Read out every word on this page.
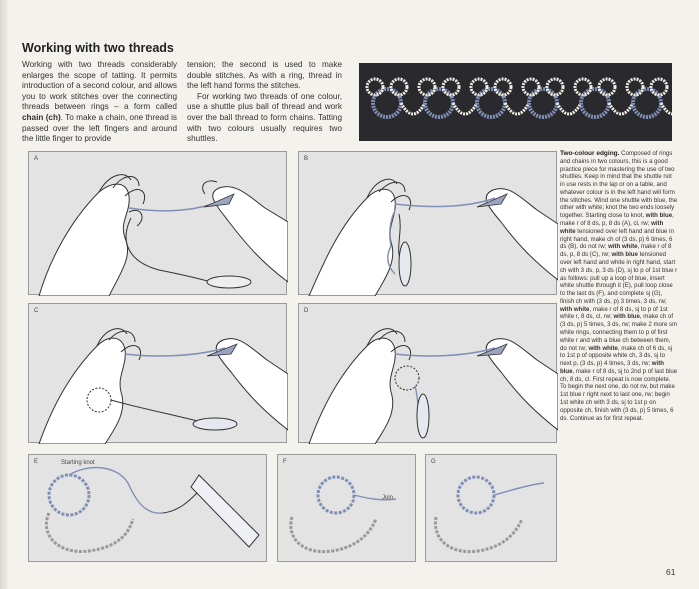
Working with two threads
Working with two threads considerably enlarges the scope of tatting. It permits introduction of a second colour, and allows you to work stitches over the connecting threads between rings – a form called chain (ch). To make a chain, one thread is passed over the left fingers and around the little finger to provide
tension; the second is used to make double stitches. As with a ring, thread in the left hand forms the stitches.
For working two threads of one colour, use a shuttle plus ball of thread and work over the ball thread to form chains. Tatting with two colours usually requires two shuttles.
A	B
C	D
E	Starting knot	F
Join
G
Two-colour edging. Composed of rings and chains in two colours, this is a good practice piece for mastering the use of two shuttles. Keep in mind that the shuttle not in use rests in the lap or on a table, and whatever colour is in the left hand will form the stitches. Wind one shuttle with blue, the other with white; knot the two ends loosely together. Starting close to knot, with blue, make r of 8 ds, p, 8 ds (A), cl, rw; with white tensioned over left hand and blue in right hand, make ch of (3 ds, p) 6 times, 6 ds (B), do not rw; with white, make r of 8 ds, p, 8 ds (C), rw; with blue tensioned over left hand and white in right hand, start ch with 3 ds, p, 3 ds (D), sj to p of 1st blue r as follows: pull up a loop of blue, insert white shuttle through it (E), pull loop close to the last ds (F), and complete sj (G), finish ch with (3 ds, p) 3 times, 3 ds, rw; with white, make r of 8 ds, sj to p of 1st white r, 8 ds, cl, rw; with blue, make ch of (3 ds, p) 5 times, 3 ds, rw; make 2 more sm white rings, connecting them to p of first white r and with a blue ch between them, do not rw; with white, make ch of 6 ds, sj to 1st p of opposite white ch, 3 ds, sj to next p, (3 ds, p) 4 times, 3 ds, rw; with blue, make r of 8 ds, sj to 2nd p of last blue ch, 8 ds, cl. First repeat is now complete. To begin the next one, do not rw, but make 1st blue r right next to last one, rw; begin 1st white ch with 3 ds, sj to 1st p on opposite ch, finish with (3 ds, p) 5 times, 6 ds. Continue as for first repeat.
61
